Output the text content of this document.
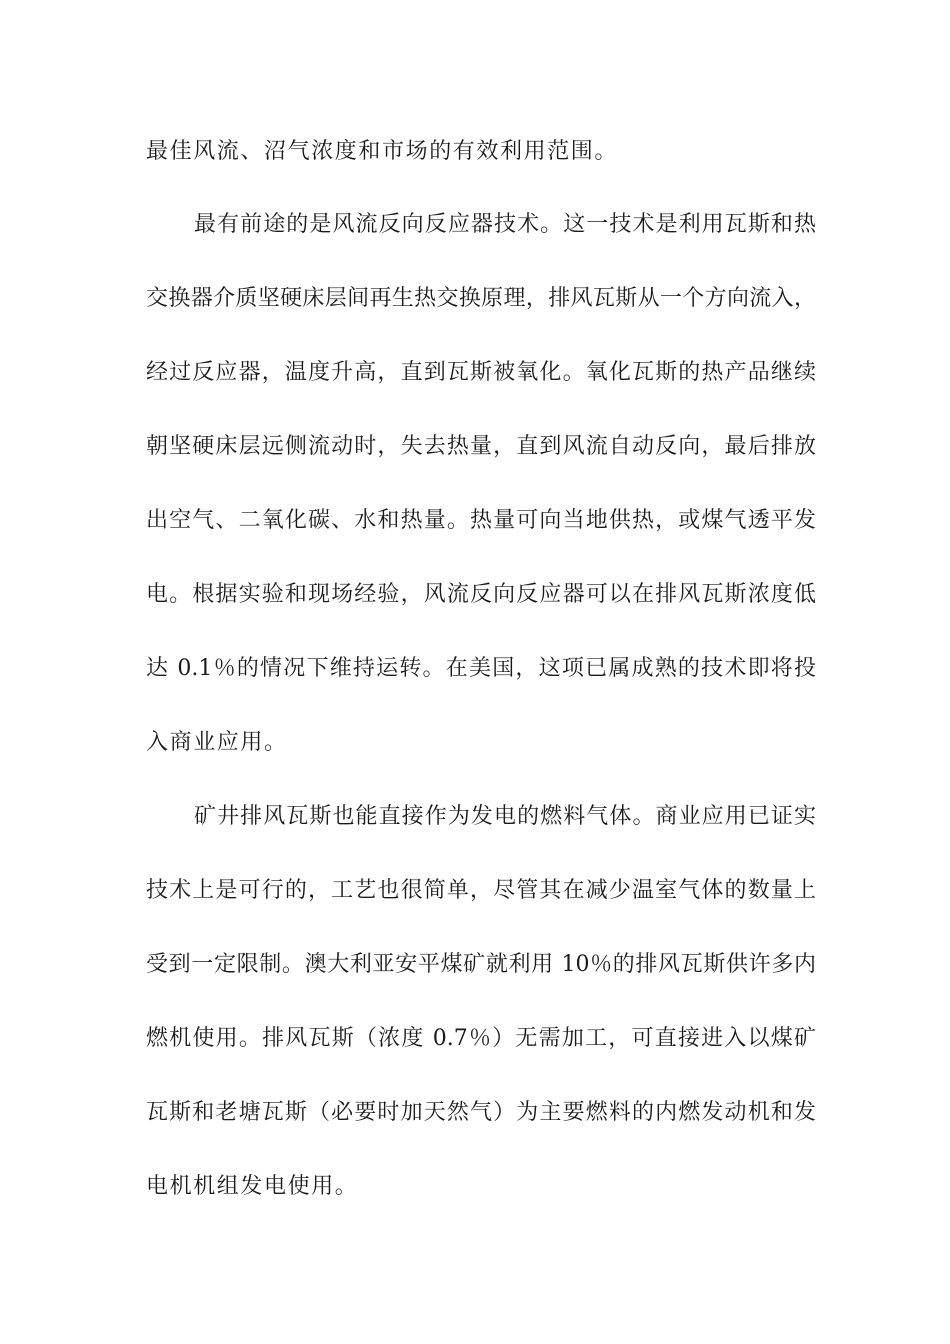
最佳风流、沼气浓度和市场的有效利用范围。
最有前途的是风流反向反应器技术。这一技术是利用瓦斯和热
交换器介质坚硬床层间再生热交换原理，排风瓦斯从一个方向流入，
经过反应器，温度升高，直到瓦斯被氧化。氧化瓦斯的热产品继续
朝坚硬床层远侧流动时，失去热量，直到风流自动反向，最后排放
出空气、二氧化碳、水和热量。热量可向当地供热，或煤气透平发
电。根据实验和现场经验，风流反向反应器可以在排风瓦斯浓度低
达 0.1％的情况下维持运转。在美国，这项已属成熟的技术即将投
入商业应用。
矿井排风瓦斯也能直接作为发电的燃料气体。商业应用已证实
技术上是可行的，工艺也很简单，尽管其在减少温室气体的数量上
受到一定限制。澳大利亚安平煤矿就利用 10％的排风瓦斯供许多内
燃机使用。排风瓦斯（浓度 0.7％）无需加工，可直接进入以煤矿
瓦斯和老塘瓦斯（必要时加天然气）为主要燃料的内燃发动机和发
电机机组发电使用。
